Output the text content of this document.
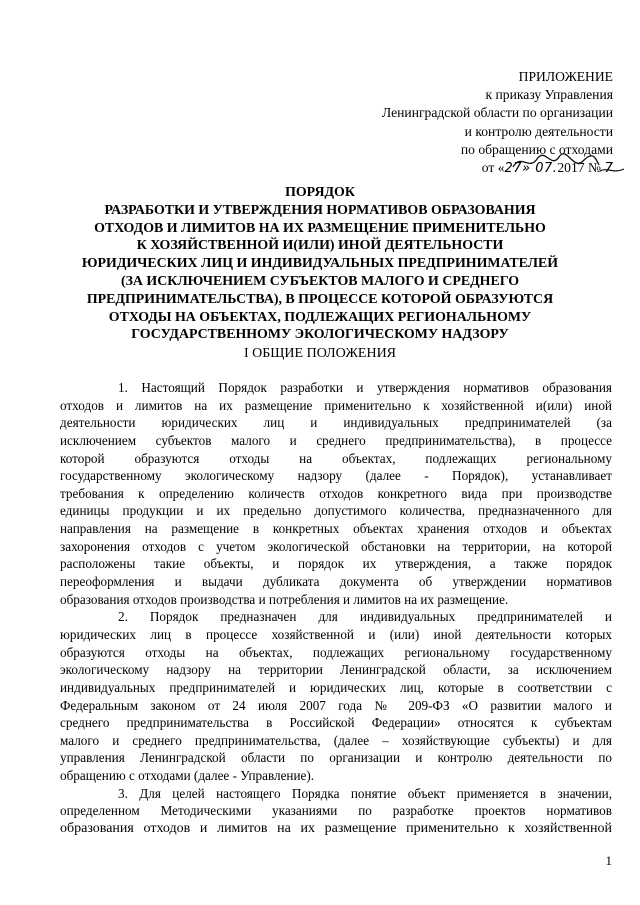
ПРИЛОЖЕНИЕ
к приказу Управления
Ленинградской области по организации
и контролю деятельности
по обращению с отходами
от «27» 07.
2017 № 7
ПОРЯДОК
РАЗРАБОТКИ И УТВЕРЖДЕНИЯ НОРМАТИВОВ ОБРАЗОВАНИЯ
ОТХОДОВ И ЛИМИТОВ НА ИХ РАЗМЕЩЕНИЕ ПРИМЕНИТЕЛЬНО
К ХОЗЯЙСТВЕННОЙ И(ИЛИ) ИНОЙ ДЕЯТЕЛЬНОСТИ
ЮРИДИЧЕСКИХ ЛИЦ И ИНДИВИДУАЛЬНЫХ ПРЕДПРИНИМАТЕЛЕЙ
(ЗА ИСКЛЮЧЕНИЕМ СУБЪЕКТОВ МАЛОГО И СРЕДНЕГО
ПРЕДПРИНИМАТЕЛЬСТВА), В ПРОЦЕССЕ КОТОРОЙ ОБРАЗУЮТСЯ
ОТХОДЫ НА ОБЪЕКТАХ, ПОДЛЕЖАЩИХ РЕГИОНАЛЬНОМУ
ГОСУДАРСТВЕННОМУ ЭКОЛОГИЧЕСКОМУ НАДЗОРУ
I ОБЩИЕ ПОЛОЖЕНИЯ
1. Настоящий Порядок разработки и утверждения нормативов образования
отходов и лимитов на их размещение применительно к хозяйственной и(или) иной
деятельности юридических лиц и индивидуальных предпринимателей (за
исключением субъектов малого и среднего предпринимательства), в процессе
которой образуются отходы на объектах, подлежащих региональному
государственному экологическому надзору (далее - Порядок), устанавливает
требования к определению количеств отходов конкретного вида при производстве
единицы продукции и их предельно допустимого количества, предназначенного для
направления на размещение в конкретных объектах хранения отходов и объектах
захоронения отходов с учетом экологической обстановки на территории, на которой
расположены такие объекты, и порядок их утверждения, а также порядок
переоформления и выдачи дубликата документа об утверждении нормативов
образования отходов производства и потребления и лимитов на их размещение.
2. Порядок предназначен для индивидуальных предпринимателей и
юридических лиц в процессе хозяйственной и (или) иной деятельности которых
образуются отходы на объектах, подлежащих региональному государственному
экологическому надзору на территории Ленинградской области, за исключением
индивидуальных предпринимателей и юридических лиц, которые в соответствии с
Федеральным законом от 24 июля 2007 года № 209-ФЗ «О развитии малого и
среднего предпринимательства в Российской Федерации» относятся к субъектам
малого и среднего предпринимательства, (далее – хозяйствующие субъекты) и для
управления Ленинградской области по организации и контролю деятельности по
обращению с отходами (далее - Управление).
3. Для целей настоящего Порядка понятие объект применяется в значении,
определенном Методическими указаниями по разработке проектов нормативов
образования отходов и лимитов на их размещение применительно к хозяйственной
1
